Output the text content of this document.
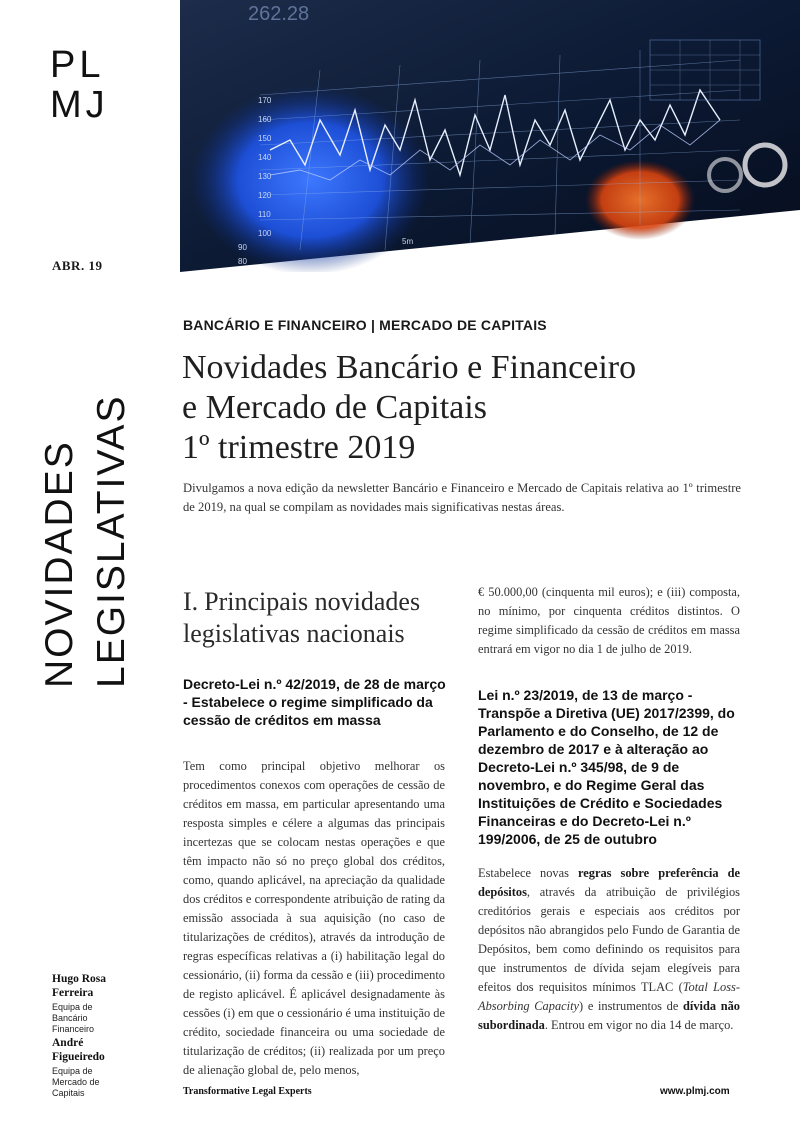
PL
MJ
ABR. 19
262.28
170
160
150
140
130
120
110
100
90
80
5m
NOVIDADES LEGISLATIVAS
BANCÁRIO E FINANCEIRO | MERCADO DE CAPITAIS
Novidades Bancário e Financeiro
e Mercado de Capitais
1º trimestre 2019
Divulgamos a nova edição da newsletter Bancário e Financeiro e Mercado de Capitais relativa ao 1º trimestre de 2019, na qual se compilam as novidades mais significativas nestas áreas.
I. Principais novidades
legislativas nacionais
Decreto-Lei n.º 42/2019, de 28 de março - Estabelece o regime simplificado da cessão de créditos em massa
Tem como principal objetivo melhorar os procedimentos conexos com operações de cessão de créditos em massa, em particular apresentando uma resposta simples e célere a algumas das principais incertezas que se colocam nestas operações e que têm impacto não só no preço global dos créditos, como, quando aplicável, na apreciação da qualidade dos créditos e correspondente atribuição de rating da emissão associada à sua aquisição (no caso de titularizações de créditos), através da introdução de regras específicas relativas a (i) habilitação legal do cessionário, (ii) forma da cessão e (iii) procedimento de registo aplicável. É aplicável designadamente às cessões (i) em que o cessionário é uma instituição de crédito, sociedade financeira ou uma sociedade de titularização de créditos; (ii) realizada por um preço de alienação global de, pelo menos,
€ 50.000,00 (cinquenta mil euros); e (iii) composta, no mínimo, por cinquenta créditos distintos. O regime simplificado da cessão de créditos em massa entrará em vigor no dia 1 de julho de 2019.
Lei n.º 23/2019, de 13 de março - Transpõe a Diretiva (UE) 2017/2399, do Parlamento e do Conselho, de 12 de dezembro de 2017 e à alteração ao Decreto-Lei n.º 345/98, de 9 de novembro, e do Regime Geral das Instituições de Crédito e Sociedades Financeiras e do Decreto-Lei n.º 199/2006, de 25 de outubro
Estabelece novas regras sobre preferência de depósitos, através da atribuição de privilégios creditórios gerais e especiais aos créditos por depósitos não abrangidos pelo Fundo de Garantia de Depósitos, bem como definindo os requisitos para que instrumentos de dívida sejam elegíveis para efeitos dos requisitos mínimos TLAC (Total Loss-Absorbing Capacity) e instrumentos de dívida não subordinada. Entrou em vigor no dia 14 de março.
Hugo Rosa
Ferreira
Equipa de
Bancário
Financeiro
André
Figueiredo
Equipa de
Mercado de
Capitais	Transformative Legal Experts	www.plmj.com
